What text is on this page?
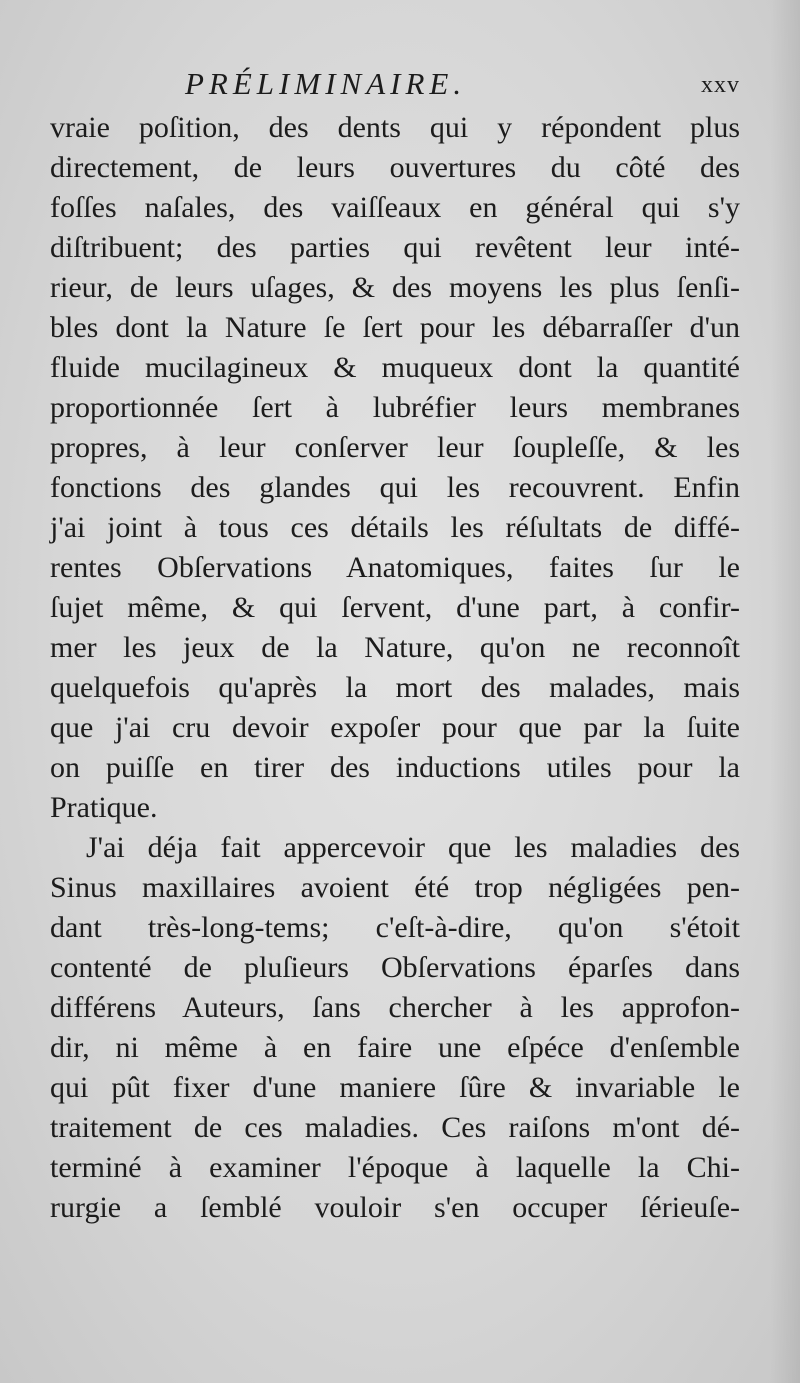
PRÉLIMINAIRE.	xxv
vraie poſition, des dents qui y répondent plus
directement, de leurs ouvertures du côté des
foſſes naſales, des vaiſſeaux en général qui s'y
diſtribuent; des parties qui revêtent leur inté-
rieur, de leurs uſages, & des moyens les plus ſenſi-
bles dont la Nature ſe ſert pour les débarraſſer d'un
fluide mucilagineux & muqueux dont la quantité
proportionnée ſert à lubréfier leurs membranes
propres, à leur conſerver leur ſoupleſſe, & les
fonctions des glandes qui les recouvrent. Enfin
j'ai joint à tous ces détails les réſultats de diffé-
rentes Obſervations Anatomiques, faites ſur le
ſujet même, & qui ſervent, d'une part, à confir-
mer les jeux de la Nature, qu'on ne reconnoît
quelquefois qu'après la mort des malades, mais
que j'ai cru devoir expoſer pour que par la ſuite
on puiſſe en tirer des inductions utiles pour la
Pratique.
J'ai déja fait appercevoir que les maladies des
Sinus maxillaires avoient été trop négligées pen-
dant très-long-tems; c'eſt-à-dire, qu'on s'étoit
contenté de pluſieurs Obſervations éparſes dans
différens Auteurs, ſans chercher à les approfon-
dir, ni même à en faire une eſpéce d'enſemble
qui pût fixer d'une maniere ſûre & invariable le
traitement de ces maladies. Ces raiſons m'ont dé-
terminé à examiner l'époque à laquelle la Chi-
rurgie a ſemblé vouloir s'en occuper ſérieuſe-
